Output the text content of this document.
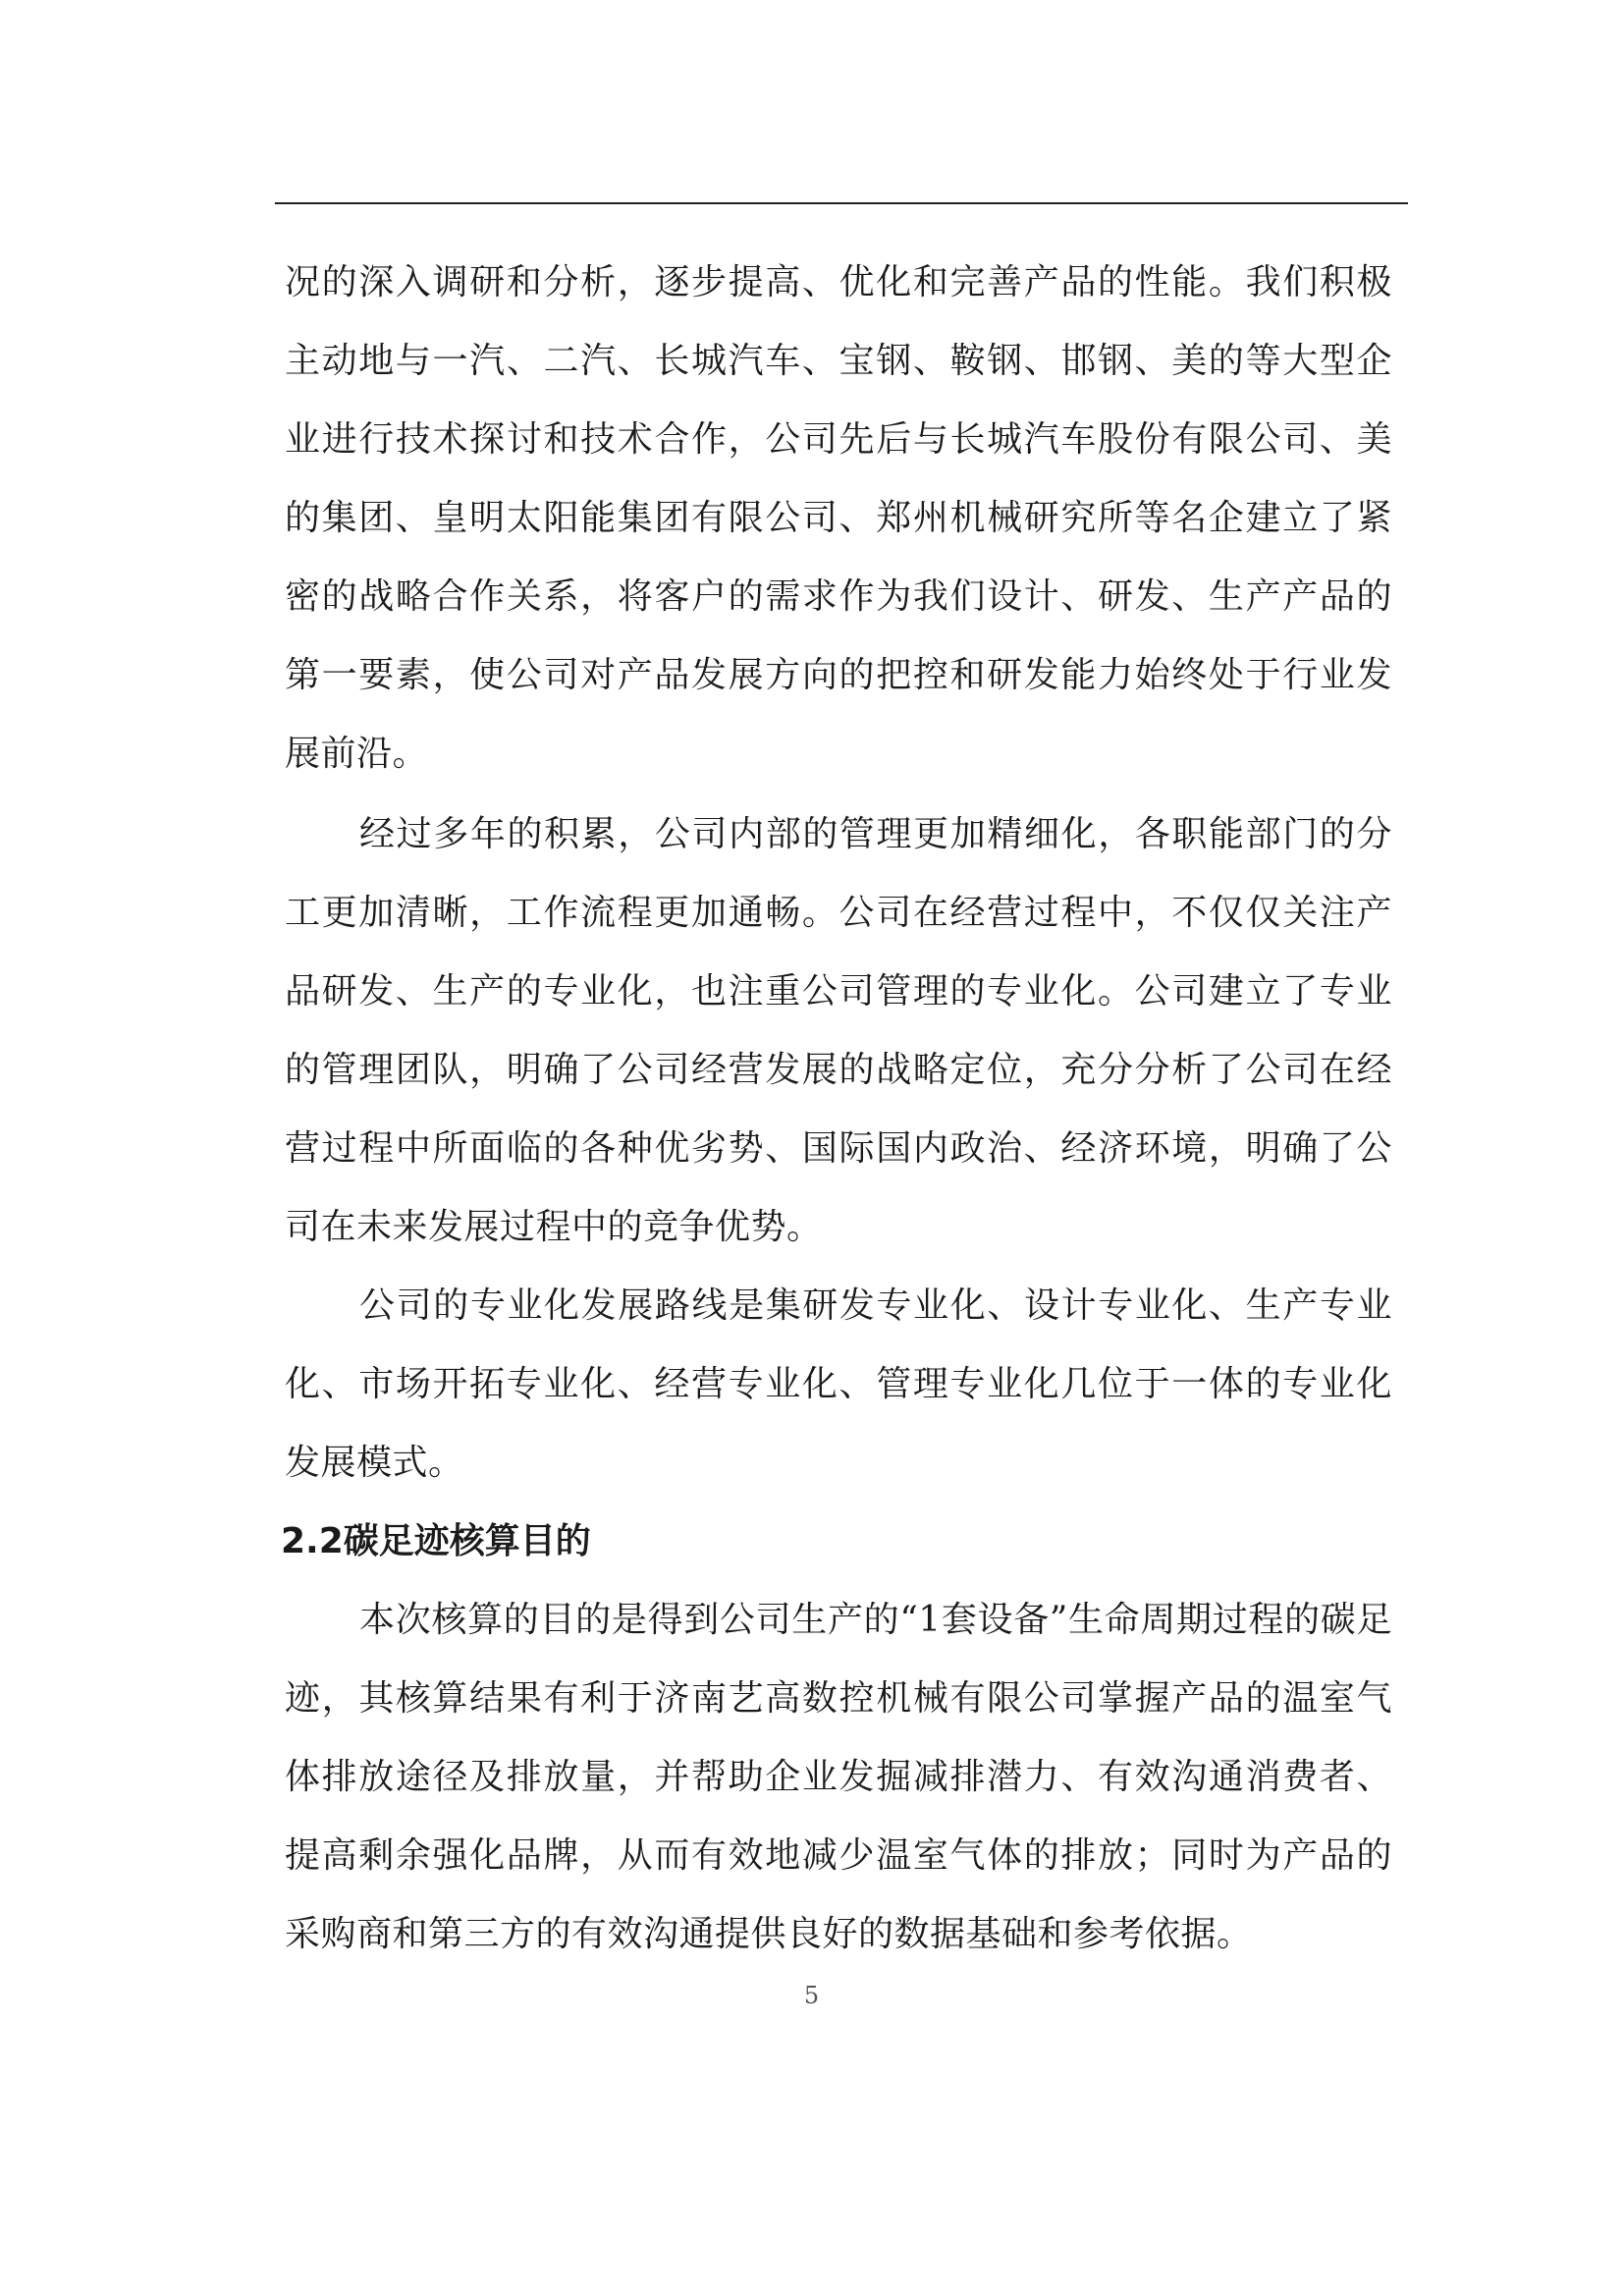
况的深入调研和分析，逐步提高、优化和完善产品的性能。我们积极主动地与一汽、二汽、长城汽车、宝钢、鞍钢、邯钢、美的等大型企业进行技术探讨和技术合作，公司先后与长城汽车股份有限公司、美的集团、皇明太阳能集团有限公司、郑州机械研究所等名企建立了紧密的战略合作关系，将客户的需求作为我们设计、研发、生产产品的第一要素，使公司对产品发展方向的把控和研发能力始终处于行业发展前沿。

经过多年的积累，公司内部的管理更加精细化，各职能部门的分工更加清晰，工作流程更加通畅。公司在经营过程中，不仅仅关注产品研发、生产的专业化，也注重公司管理的专业化。公司建立了专业的管理团队，明确了公司经营发展的战略定位，充分分析了公司在经营过程中所面临的各种优劣势、国际国内政治、经济环境，明确了公司在未来发展过程中的竞争优势。

公司的专业化发展路线是集研发专业化、设计专业化、生产专业化、市场开拓专业化、经营专业化、管理专业化几位于一体的专业化发展模式。

2.2碳足迹核算目的

本次核算的目的是得到公司生产的“1套设备”生命周期过程的碳足迹，其核算结果有利于济南艺高数控机械有限公司掌握产品的温室气体排放途径及排放量，并帮助企业发掘减排潜力、有效沟通消费者、提高剩余强化品牌，从而有效地减少温室气体的排放；同时为产品的采购商和第三方的有效沟通提供良好的数据基础和参考依据。

5
